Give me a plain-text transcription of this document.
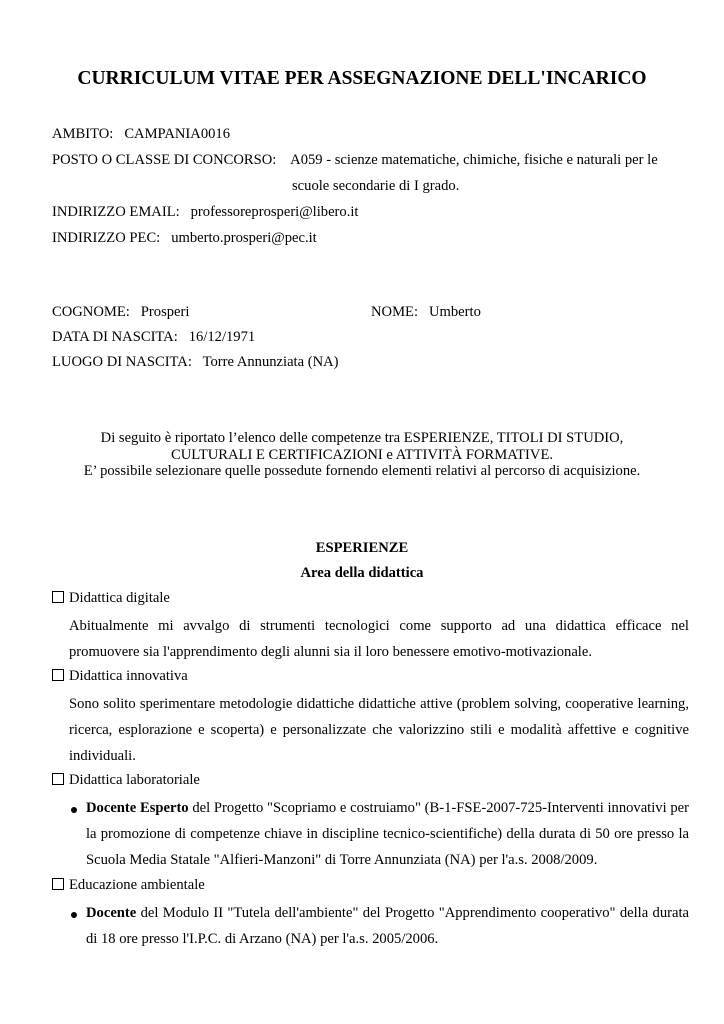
CURRICULUM VITAE PER ASSEGNAZIONE DELL'INCARICO
AMBITO: CAMPANIA0016
POSTO O CLASSE DI CONCORSO: A059 - scienze matematiche, chimiche, fisiche e naturali per le
scuole secondarie di I grado.
INDIRIZZO EMAIL: professoreprosperi@libero.it
INDIRIZZO PEC: umberto.prosperi@pec.it
COGNOME: Prosperi	NOME: Umberto
DATA DI NASCITA: 16/12/1971
LUOGO DI NASCITA: Torre Annunziata (NA)
Di seguito è riportato l’elenco delle competenze tra ESPERIENZE, TITOLI DI STUDIO,
CULTURALI E CERTIFICAZIONI e ATTIVITÀ FORMATIVE.
E’ possibile selezionare quelle possedute fornendo elementi relativi al percorso di acquisizione.
ESPERIENZE
Area della didattica
Didattica digitale
Abitualmente mi avvalgo di strumenti tecnologici come supporto ad una didattica efficace nel promuovere sia l'apprendimento degli alunni sia il loro benessere emotivo-motivazionale.
Didattica innovativa
Sono solito sperimentare metodologie didattiche didattiche attive (problem solving, cooperative learning, ricerca, esplorazione e scoperta) e personalizzate che valorizzino stili e modalità affettive e cognitive individuali.
Didattica laboratoriale
Docente Esperto del Progetto "Scopriamo e costruiamo" (B-1-FSE-2007-725-Interventi innovativi per la promozione di competenze chiave in discipline tecnico-scientifiche) della durata di 50 ore presso la Scuola Media Statale "Alfieri-Manzoni" di Torre Annunziata (NA) per l'a.s. 2008/2009.
Educazione ambientale
Docente del Modulo II "Tutela dell'ambiente" del Progetto "Apprendimento cooperativo" della durata di 18 ore presso l'I.P.C. di Arzano (NA) per l'a.s. 2005/2006.
